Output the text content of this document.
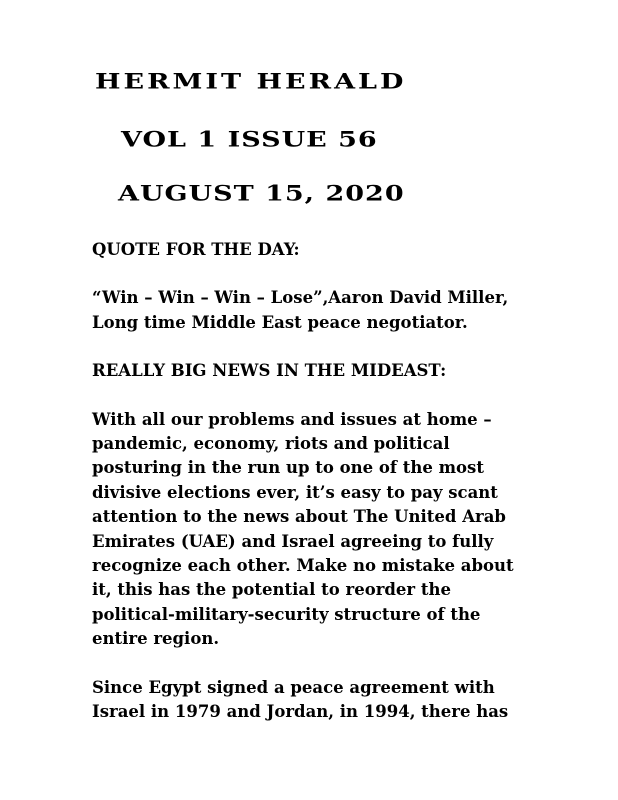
HERMIT HERALD
VOL 1 ISSUE 56
AUGUST 15, 2020

QUOTE FOR THE DAY:

“Win – Win – Win – Lose”,Aaron David Miller,
Long time Middle East peace negotiator.

REALLY BIG NEWS IN THE MIDEAST:

With all our problems and issues at home –
pandemic, economy, riots and political
posturing in the run up to one of the most
divisive elections ever, it’s easy to pay scant
attention to the news about The United Arab
Emirates (UAE) and Israel agreeing to fully
recognize each other. Make no mistake about
it, this has the potential to reorder the
political-military-security structure of the
entire region.

Since Egypt signed a peace agreement with
Israel in 1979 and Jordan, in 1994, there has
